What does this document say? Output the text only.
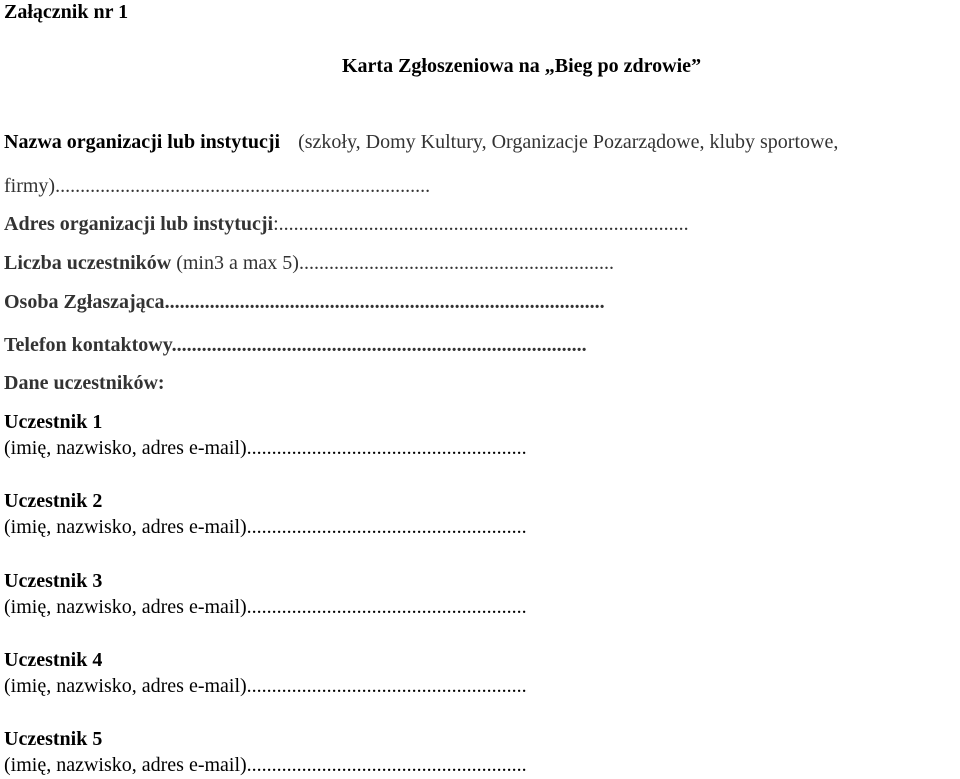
Załącznik nr 1
Karta Zgłoszeniowa na „Bieg po zdrowie”
Nazwa organizacji lub instytucji (szkoły, Domy Kultury, Organizacje Pozarządowe, kluby sportowe,
firmy)...........................................................................
Adres organizacji lub instytucji:..................................................................................
Liczba uczestników (min3 a max 5)...............................................................
Osoba Zgłaszająca........................................................................................
Telefon kontaktowy...................................................................................
Dane uczestników:
Uczestnik 1
(imię, nazwisko, adres e-mail)........................................................
Uczestnik 2
(imię, nazwisko, adres e-mail)........................................................
Uczestnik 3
(imię, nazwisko, adres e-mail)........................................................
Uczestnik 4
(imię, nazwisko, adres e-mail)........................................................
Uczestnik 5
(imię, nazwisko, adres e-mail)........................................................
